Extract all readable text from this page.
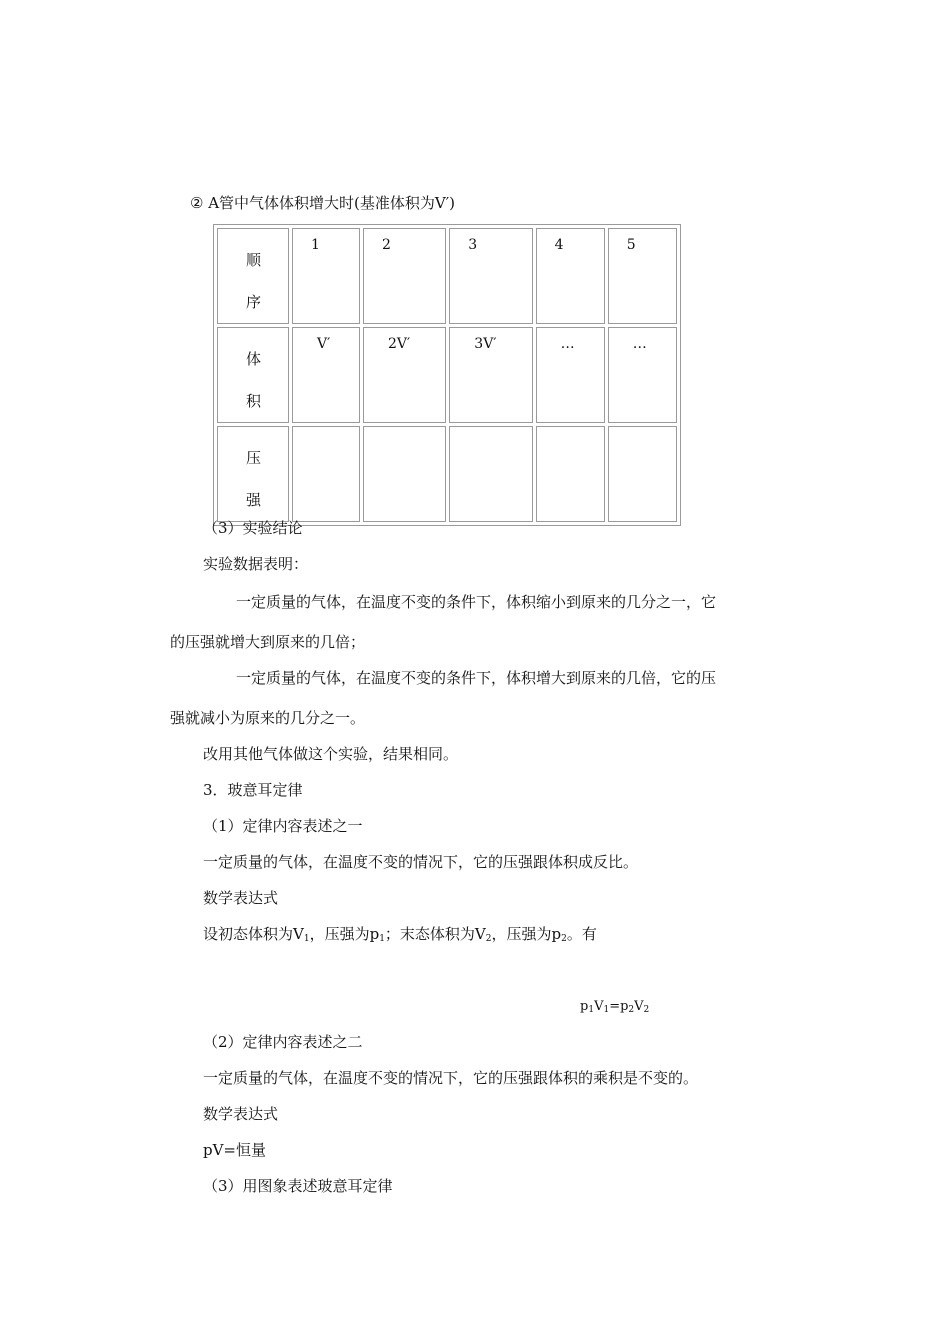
② A管中气体体积增大时(基准体积为V′)
顺
序	1	2	3	4	5

体
积	V′	2V′	3V′	…	…

压
强					

（3）实验结论
实验数据表明：
一定质量的气体，在温度不变的条件下，体积缩小到原来的几分之一，它
的压强就增大到原来的几倍；
一定质量的气体，在温度不变的条件下，体积增大到原来的几倍，它的压
强就减小为原来的几分之一。
改用其他气体做这个实验，结果相同。
3．玻意耳定律
（1）定律内容表述之一
一定质量的气体，在温度不变的情况下，它的压强跟体积成反比。
数学表达式
设初态体积为$V_1$，压强为$p_1$；末态体积为$V_2$，压强为$p_2$。有
$p_1V_1=p_2V_2$
（2）定律内容表述之二
一定质量的气体，在温度不变的情况下，它的压强跟体积的乘积是不变的。
数学表达式
pV=恒量
（3）用图象表述玻意耳定律
